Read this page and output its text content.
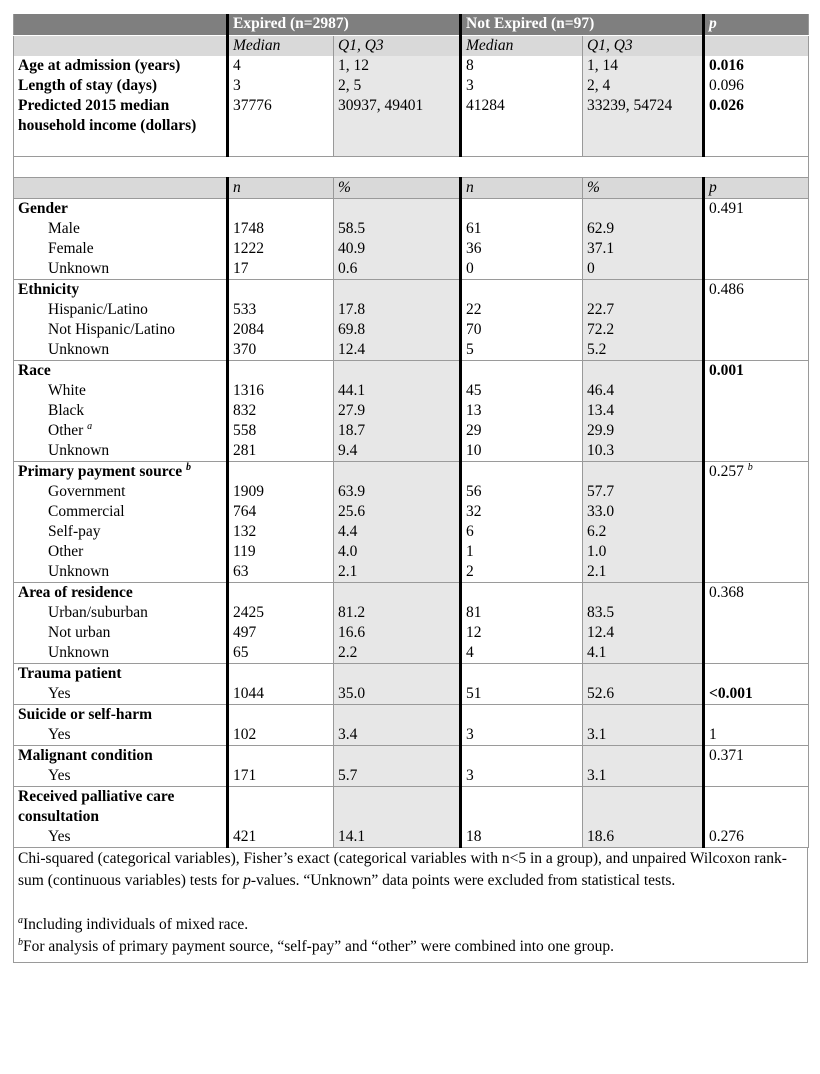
	Expired (n=2987)		Not Expired (n=97)		p
	Median	Q1, Q3	Median	Q1, Q3	
Age at admission (years)	4	1, 12	8	1, 14	0.016
Length of stay (days)	3	2, 5	3	2, 4	0.096
Predicted 2015 median household income (dollars)	37776	30937, 49401	41284	33239, 54724	0.026

	n	%	n	%	p
Gender					0.491
Male	1748	58.5	61	62.9	
Female	1222	40.9	36	37.1	
Unknown	17	0.6	0	0	
Ethnicity					0.486
Hispanic/Latino	533	17.8	22	22.7	
Not Hispanic/Latino	2084	69.8	70	72.2	
Unknown	370	12.4	5	5.2	
Race					0.001
White	1316	44.1	45	46.4	
Black	832	27.9	13	13.4	
Other $^a$	558	18.7	29	29.9	
Unknown	281	9.4	10	10.3	
Primary payment source $^b$					0.257 $^b$
Government	1909	63.9	56	57.7	
Commercial	764	25.6	32	33.0	
Self-pay	132	4.4	6	6.2	
Other	119	4.0	1	1.0	
Unknown	63	2.1	2	2.1	
Area of residence					0.368
Urban/suburban	2425	81.2	81	83.5	
Not urban	497	16.6	12	12.4	
Unknown	65	2.2	4	4.1	
Trauma patient					
Yes	1044	35.0	51	52.6	<0.001
Suicide or self-harm					
Yes	102	3.4	3	3.1	1
Malignant condition					0.371
Yes	171	5.7	3	3.1	
Received palliative care consultation					
Yes	421	14.1	18	18.6	0.276

Chi-squared (categorical variables), Fisher’s exact (categorical variables with n<5 in a group), and unpaired Wilcoxon rank-sum (continuous variables) tests for p-values. “Unknown” data points were excluded from statistical tests.

$^a$Including individuals of mixed race.

$^b$For analysis of primary payment source, “self-pay” and “other” were combined into one group.
